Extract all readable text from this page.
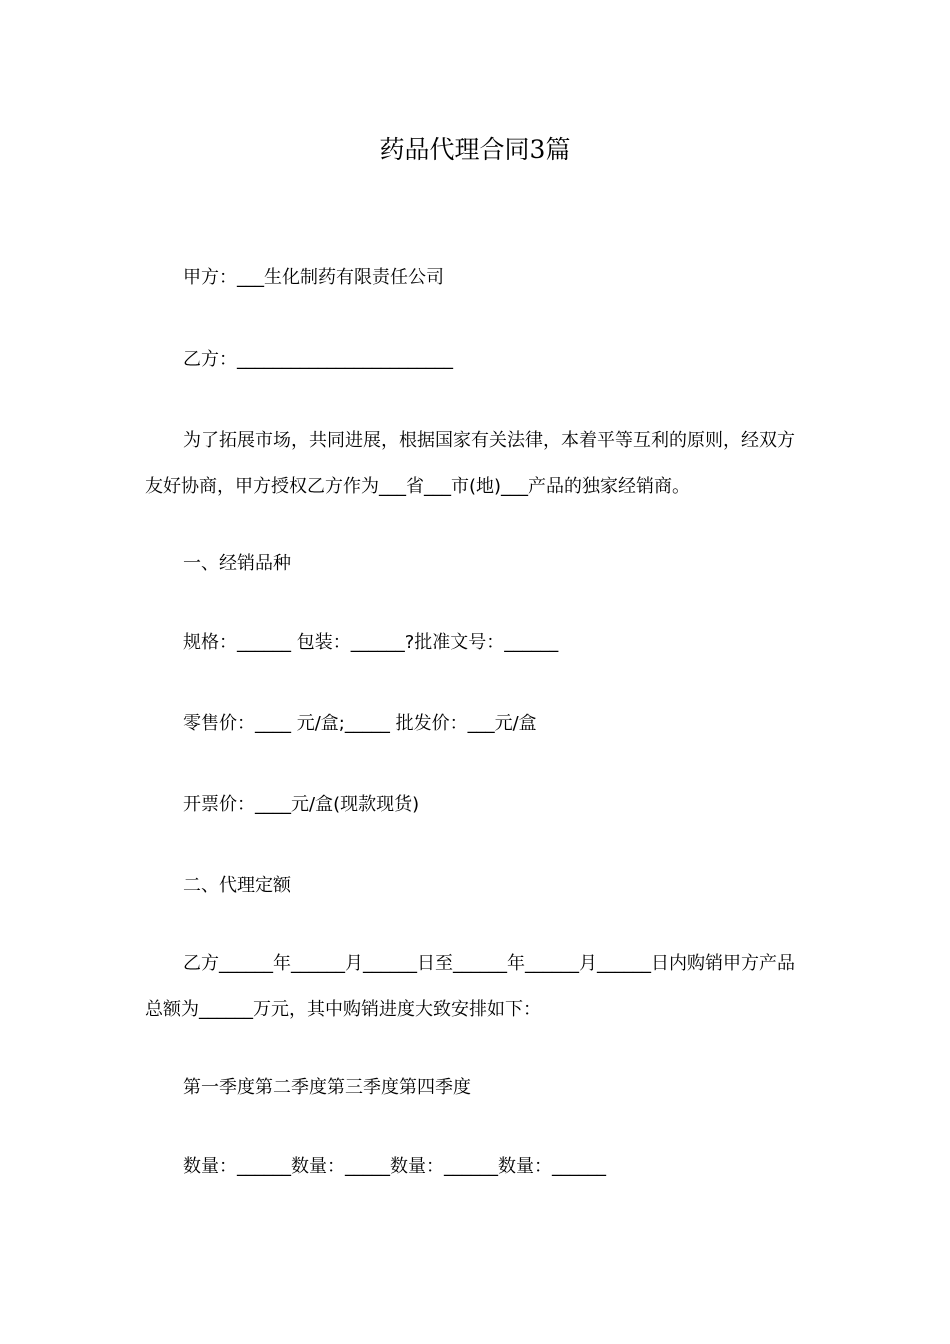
药品代理合同3篇
甲方：___生化制药有限责任公司
乙方：________________________
为了拓展市场，共同进展，根据国家有关法律，本着平等互利的原则，经双方友好协商，甲方授权乙方作为___省___市(地)___产品的独家经销商。
一、经销品种
规格：______ 包装：______?批准文号：______
零售价：____ 元/盒;_____ 批发价：___元/盒
开票价：____元/盒(现款现货)
二、代理定额
乙方______年______月______日至______年______月______日内购销甲方产品总额为______万元，其中购销进度大致安排如下：
第一季度第二季度第三季度第四季度
数量：______数量：_____数量：______数量：______
